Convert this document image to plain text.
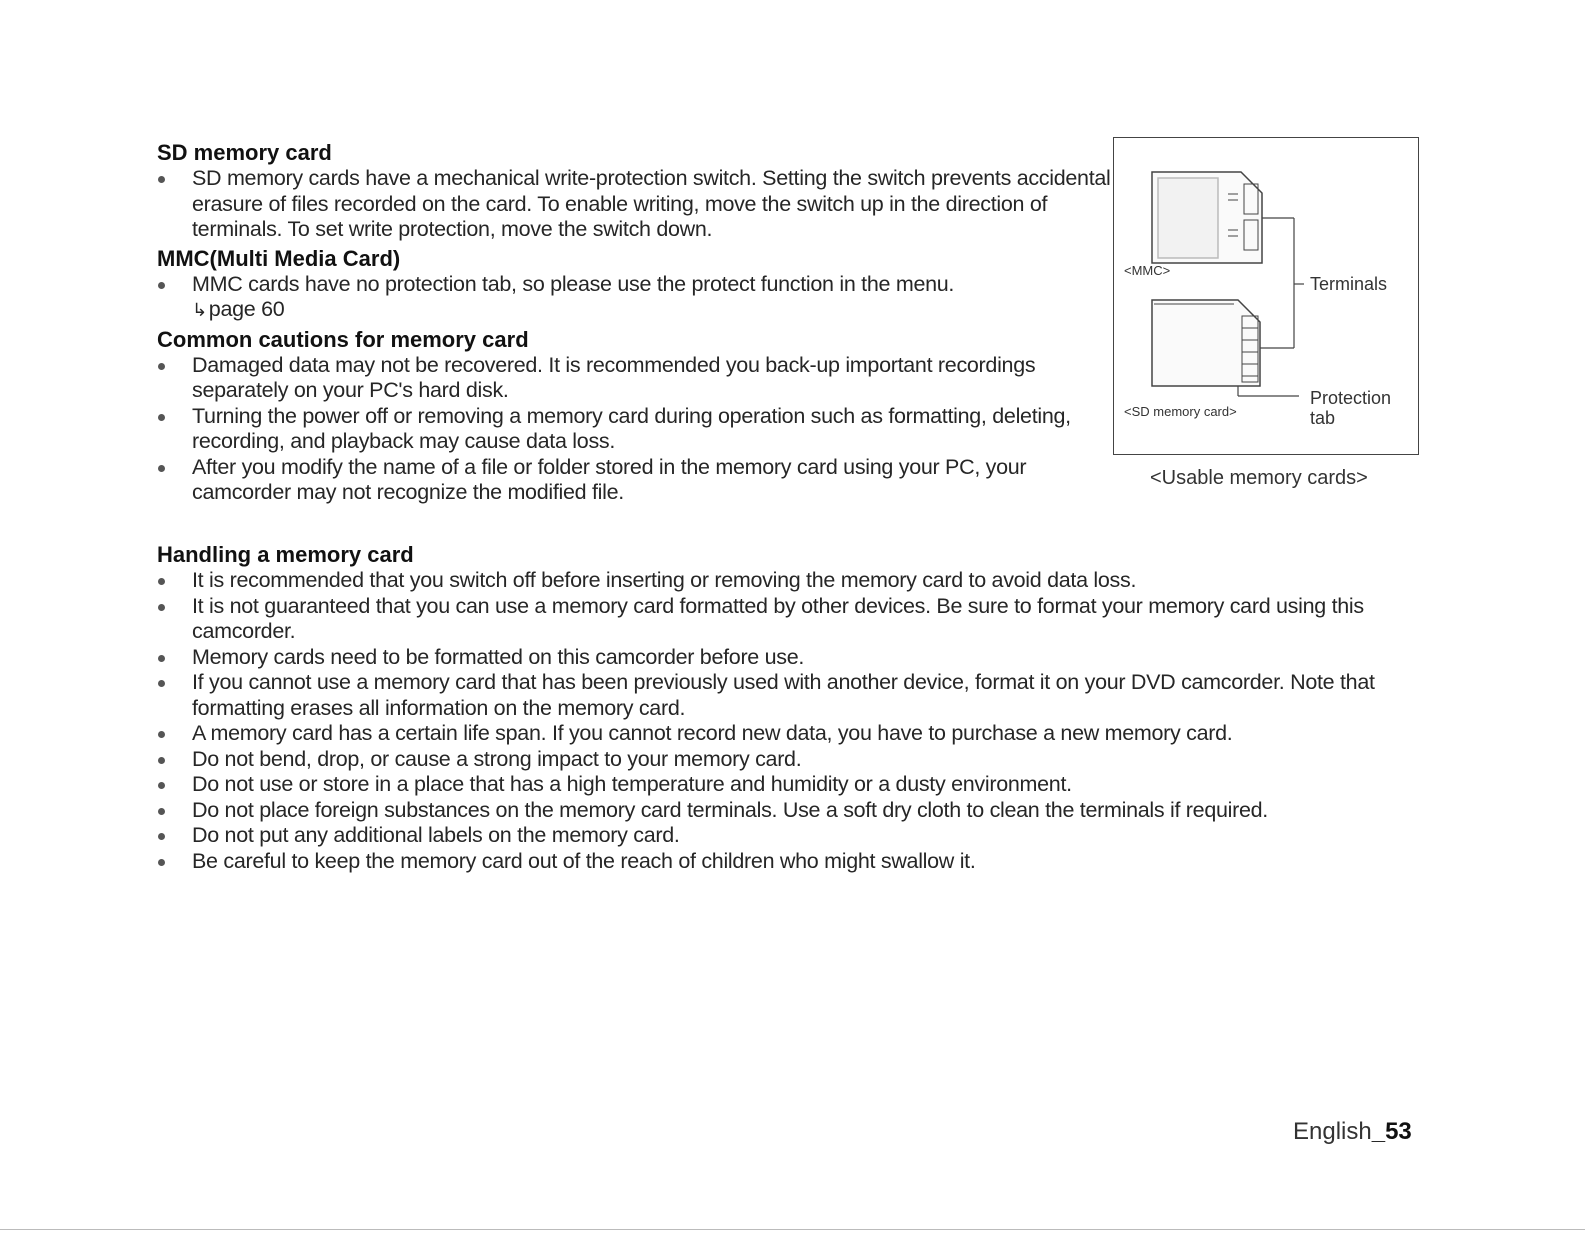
SD memory card
SD memory cards have a mechanical write-protection switch. Setting the switch prevents accidental erasure of files recorded on the card. To enable writing, move the switch up in the direction of terminals. To set write protection, move the switch down.
MMC(Multi Media Card)
MMC cards have no protection tab, so please use the protect function in the menu.
↳page 60
Common cautions for memory card
Damaged data may not be recovered. It is recommended you back-up important recordings separately on your PC's hard disk.
Turning the power off or removing a memory card during operation such as formatting, deleting, recording, and playback may cause data loss.
After you modify the name of a file or folder stored in the memory card using your PC, your camcorder may not recognize the modified file.
Handling a memory card
It is recommended that you switch off before inserting or removing the memory card to avoid data loss.
It is not guaranteed that you can use a memory card formatted by other devices. Be sure to format your memory card using this camcorder.
Memory cards need to be formatted on this camcorder before use.
If you cannot use a memory card that has been previously used with another device, format it on your DVD camcorder. Note that formatting erases all information on the memory card.
A memory card has a certain life span. If you cannot record new data, you have to purchase a new memory card.
Do not bend, drop, or cause a strong impact to your memory card.
Do not use or store in a place that has a high temperature and humidity or a dusty environment.
Do not place foreign substances on the memory card terminals. Use a soft dry cloth to clean the terminals if required.
Do not put any additional labels on the memory card.
Be careful to keep the memory card out of the reach of children who might swallow it.
<MMC>
<SD memory card>
Terminals
Protection tab
<Usable memory cards>
English_53
